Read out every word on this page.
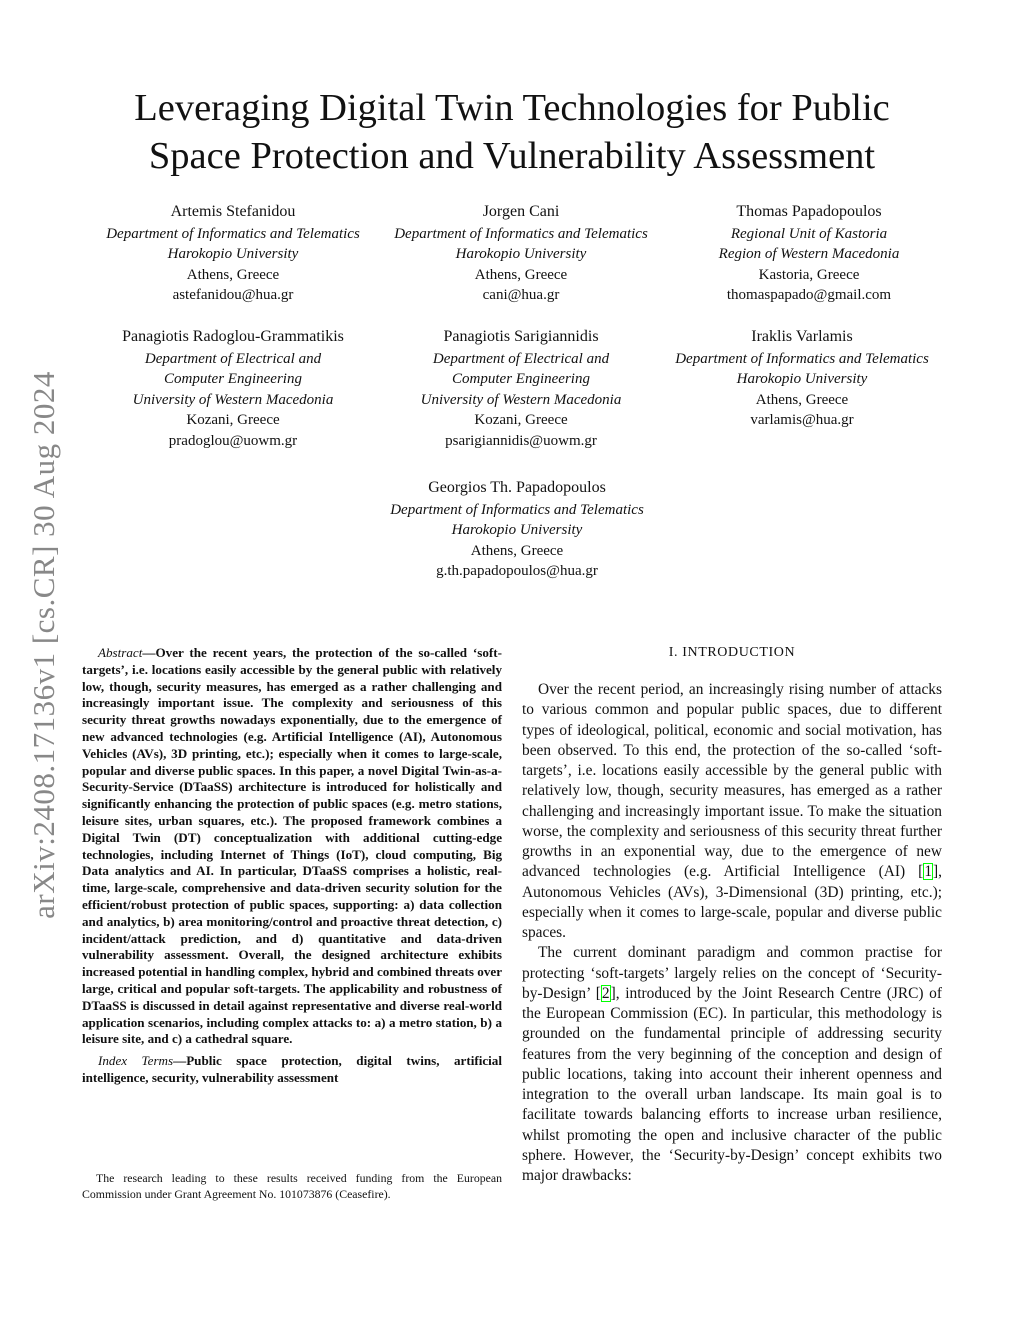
arXiv:2408.17136v1 [cs.CR] 30 Aug 2024
Leveraging Digital Twin Technologies for Public
Space Protection and Vulnerability Assessment
Artemis Stefanidou
Department of Informatics and Telematics
Harokopio University
Athens, Greece
astefanidou@hua.gr
Jorgen Cani
Department of Informatics and Telematics
Harokopio University
Athens, Greece
cani@hua.gr
Thomas Papadopoulos
Regional Unit of Kastoria
Region of Western Macedonia
Kastoria, Greece
thomaspapado@gmail.com
Panagiotis Radoglou-Grammatikis
Department of Electrical and
Computer Engineering
University of Western Macedonia
Kozani, Greece
pradoglou@uowm.gr
Panagiotis Sarigiannidis
Department of Electrical and
Computer Engineering
University of Western Macedonia
Kozani, Greece
psarigiannidis@uowm.gr
Iraklis Varlamis
Department of Informatics and Telematics
Harokopio University
Athens, Greece
varlamis@hua.gr
Georgios Th. Papadopoulos
Department of Informatics and Telematics
Harokopio University
Athens, Greece
g.th.papadopoulos@hua.gr

Abstract—Over the recent years, the protection of the so-called ‘soft-targets’, i.e. locations easily accessible by the general public with relatively low, though, security measures, has emerged as a rather challenging and increasingly important issue. The complexity and seriousness of this security threat growths nowadays exponentially, due to the emergence of new advanced technologies (e.g. Artificial Intelligence (AI), Autonomous Vehicles (AVs), 3D printing, etc.); especially when it comes to large-scale, popular and diverse public spaces. In this paper, a novel Digital Twin-as-a-Security-Service (DTaaSS) architecture is introduced for holistically and significantly enhancing the protection of public spaces (e.g. metro stations, leisure sites, urban squares, etc.). The proposed framework combines a Digital Twin (DT) conceptualization with additional cutting-edge technologies, including Internet of Things (IoT), cloud computing, Big Data analytics and AI. In particular, DTaaSS comprises a holistic, real-time, large-scale, comprehensive and data-driven security solution for the efficient/robust protection of public spaces, supporting: a) data collection and analytics, b) area monitoring/control and proactive threat detection, c) incident/attack prediction, and d) quantitative and data-driven vulnerability assessment. Overall, the designed architecture exhibits increased potential in handling complex, hybrid and combined threats over large, critical and popular soft-targets. The applicability and robustness of DTaaSS is discussed in detail against representative and diverse real-world application scenarios, including complex attacks to: a) a metro station, b) a leisure site, and c) a cathedral square.

Index Terms—Public space protection, digital twins, artificial intelligence, security, vulnerability assessment

The research leading to these results received funding from the European Commission under Grant Agreement No. 101073876 (Ceasefire).

I. INTRODUCTION

Over the recent period, an increasingly rising number of attacks to various common and popular public spaces, due to different types of ideological, political, economic and social motivation, has been observed. To this end, the protection of the so-called ‘soft-targets’, i.e. locations easily accessible by the general public with relatively low, though, security measures, has emerged as a rather challenging and increasingly important issue. To make the situation worse, the complexity and seriousness of this security threat further growths in an exponential way, due to the emergence of new advanced technologies (e.g. Artificial Intelligence (AI) [1], Autonomous Vehicles (AVs), 3-Dimensional (3D) printing, etc.); especially when it comes to large-scale, popular and diverse public spaces.

The current dominant paradigm and common practise for protecting ‘soft-targets’ largely relies on the concept of ‘Security-by-Design’ [2], introduced by the Joint Research Centre (JRC) of the European Commission (EC). In particular, this methodology is grounded on the fundamental principle of addressing security features from the very beginning of the conception and design of public locations, taking into account their inherent openness and integration to the overall urban landscape. Its main goal is to facilitate towards balancing efforts to increase urban resilience, whilst promoting the open and inclusive character of the public sphere. However, the ‘Security-by-Design’ concept exhibits two major drawbacks:
